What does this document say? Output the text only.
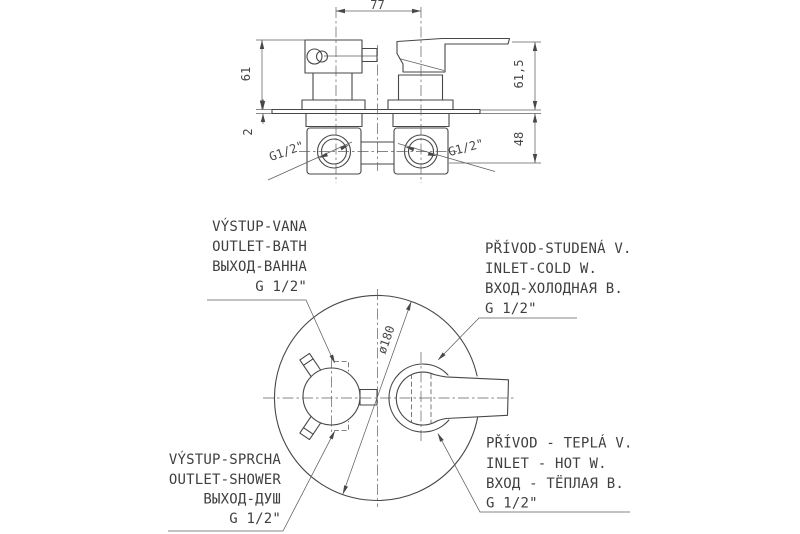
77
61
2
61,5
48
G1/2"	G1/2"
ø180
VÝSTUP-VANA
OUTLET-BATH
ВЫХОД-ВАННА
G 1/2"
PŘÍVOD-STUDENÁ V.
INLET-COLD W.
ВХОД-ХОЛОДНАЯ В.
G 1/2"
VÝSTUP-SPRCHA
OUTLET-SHOWER
ВЫХОД-ДУШ
G 1/2"
PŘÍVOD - TEPLÁ V.
INLET - HOT W.
ВХОД - ТЁПЛАЯ В.
G 1/2"
